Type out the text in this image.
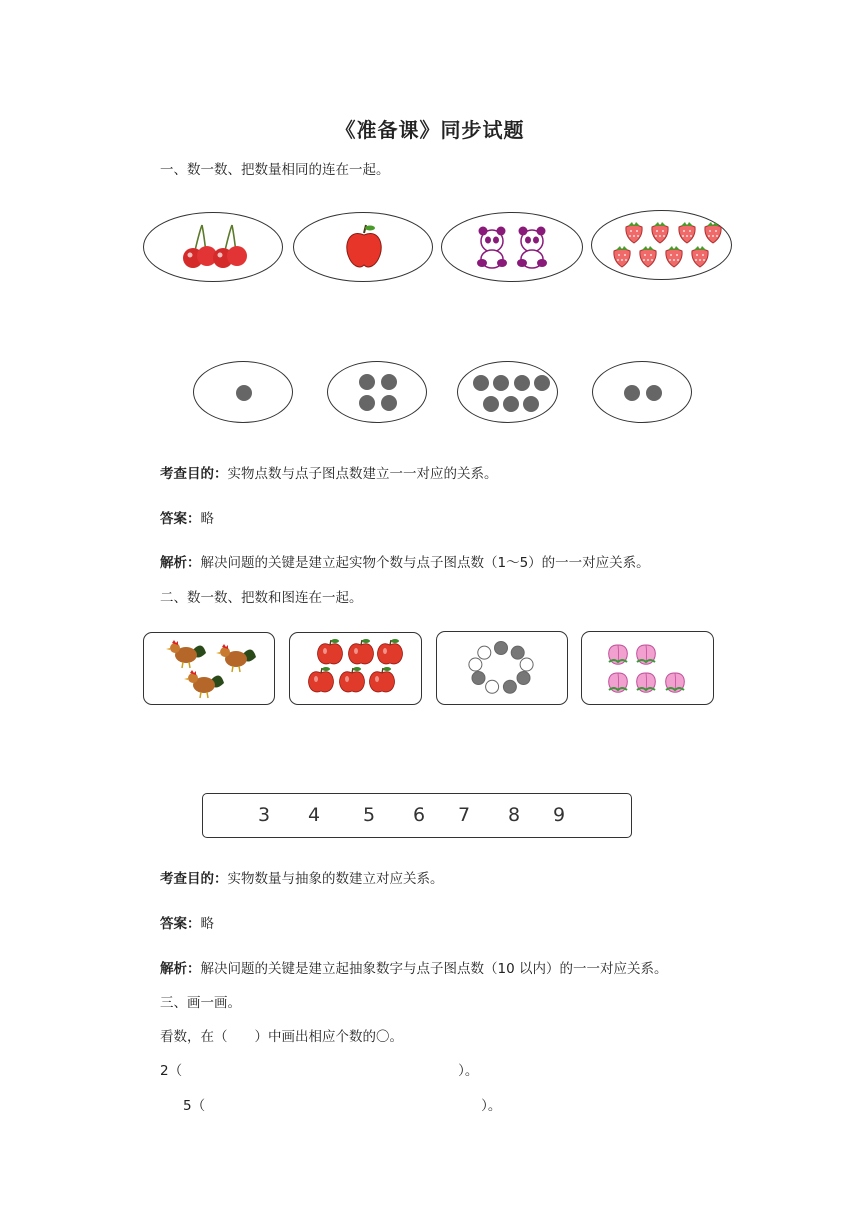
《准备课》同步试题
一、数一数、把数量相同的连在一起。
考查目的：实物点数与点子图点数建立一一对应的关系。
答案：略
解析：解决问题的关键是建立起实物个数与点子图点数（1～5）的一一对应关系。
二、数一数、把数和图连在一起。
3 4 5 6 7 8 9
考查目的：实物数量与抽象的数建立对应关系。
答案：略
解析：解决问题的关键是建立起抽象数字与点子图点数（10 以内）的一一对应关系。
三、画一画。
看数，在（　　）中画出相应个数的〇。
2（	）。
5（	）。
